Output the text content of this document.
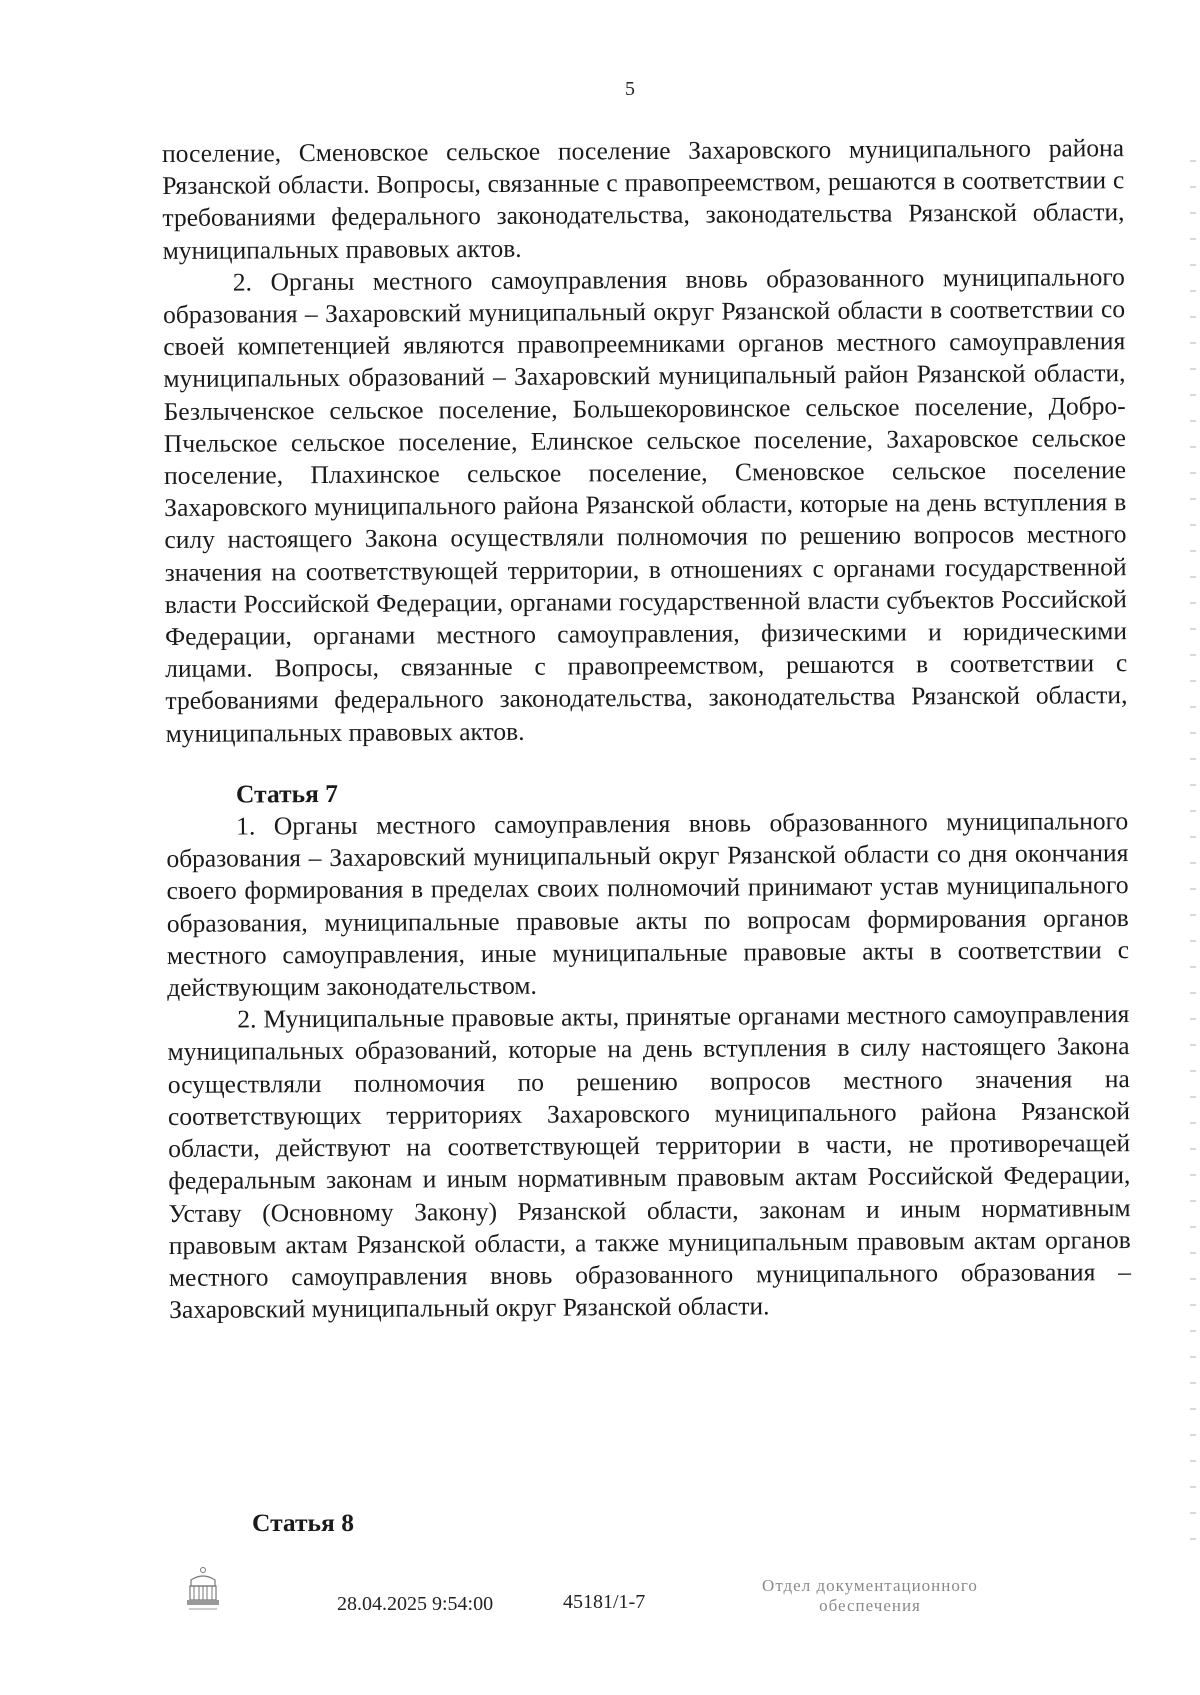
5

поселение, Сменовское сельское поселение Захаровского муниципального района Рязанской области. Вопросы, связанные с правопреемством, решаются в соответствии с требованиями федерального законодательства, законодательства Рязанской области, муниципальных правовых актов.

2. Органы местного самоуправления вновь образованного муниципального образования – Захаровский муниципальный округ Рязанской области в соответствии со своей компетенцией являются правопреемниками органов местного самоуправления муниципальных образований – Захаровский муниципальный район Рязанской области, Безлыченское сельское поселение, Большекоровинское сельское поселение, Добро-Пчельское сельское поселение, Елинское сельское поселение, Захаровское сельское поселение, Плахинское сельское поселение, Сменовское сельское поселение Захаровского муниципального района Рязанской области, которые на день вступления в силу настоящего Закона осуществляли полномочия по решению вопросов местного значения на соответствующей территории, в отношениях с органами государственной власти Российской Федерации, органами государственной власти субъектов Российской Федерации, органами местного самоуправления, физическими и юридическими лицами. Вопросы, связанные с правопреемством, решаются в соответствии с требованиями федерального законодательства, законодательства Рязанской области, муниципальных правовых актов.

Статья 7

1. Органы местного самоуправления вновь образованного муниципального образования – Захаровский муниципальный округ Рязанской области со дня окончания своего формирования в пределах своих полномочий принимают устав муниципального образования, муниципальные правовые акты по вопросам формирования органов местного самоуправления, иные муниципальные правовые акты в соответствии с действующим законодательством.

2. Муниципальные правовые акты, принятые органами местного самоуправления муниципальных образований, которые на день вступления в силу настоящего Закона осуществляли полномочия по решению вопросов местного значения на соответствующих территориях Захаровского муниципального района Рязанской области, действуют на соответствующей территории в части, не противоречащей федеральным законам и иным нормативным правовым актам Российской Федерации, Уставу (Основному Закону) Рязанской области, законам и иным нормативным правовым актам Рязанской области, а также муниципальным правовым актам органов местного самоуправления вновь образованного муниципального образования – Захаровский муниципальный округ Рязанской области.

Статья 8
28.04.2025 9:54:00	45181/1-7
Отдел документационного
обеспечения
